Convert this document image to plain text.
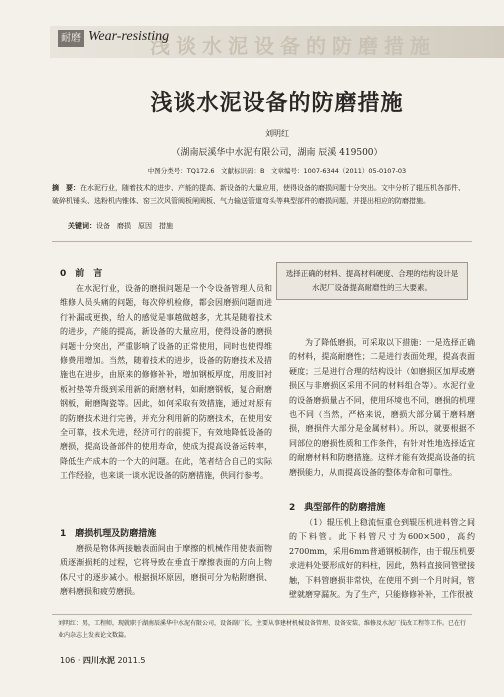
浅谈水泥设备的防磨措施
耐磨 Wear-resisting
浅谈水泥设备的防磨措施
刘明红
（湖南辰溪华中水泥有限公司，湖南 辰溪 419500）
中图分类号：TQ172.6　文献标识码：B　文章编号：1007-6344（2011）05-0107-03
摘　要：在水泥行业，随着技术的进步、产能的提高、新设备的大量应用，使得设备的磨损问题十分突出。文中分析了辊压机各部件、破碎机锤头、选粉机内锥体、窑三次风管阀板闸阀板、气力输送管道弯头等典型部件的磨损问题，并提出相应的防磨措施。
关键词：设备　磨损　原因　措施
0　前　言

在水泥行业，设备的磨损问题是一个令设备管理人员和维修人员头痛的问题，每次停机检修，都会因磨损问题而进行补漏或更换，给人的感觉是事越做越多，尤其是随着技术的进步，产能的提高，新设备的大量应用，使得设备的磨损问题十分突出，严重影响了设备的正常使用，同时也使得维修费用增加。当然，随着技术的进步，设备的防磨技术及措施也在进步，由原来的修修补补，增加钢板厚度，用废旧衬板衬垫等升级到采用新的耐磨材料，如耐磨钢板，复合耐磨钢板，耐磨陶瓷等。因此，如何采取有效措施，通过对原有的防磨技术进行完善，并充分利用新的防磨技术，在使用安全可靠，技术先进，经济可行的前提下，有效地降低设备的磨损，提高设备部件的使用寿命，使成为提高设备运转率，降低生产成本的一个大的问题。在此，笔者结合自己的实际工作经验，也来谈一谈水泥设备的防磨措施，供同行参考。

选择正确的材料、提高材料硬度、合理的结构设计是水泥厂设备提高耐磨性的三大要素。

为了降低磨损，可采取以下措施：一是选择正确的材料，提高耐磨性；二是进行表面处理，提高表面硬度；三是进行合理的结构设计（如磨损区加厚或磨损区与非磨损区采用不同的材料组合等）。水泥行业的设备磨损量占不同，使用环境也不同，磨损的机理也不同（当然，严格来说，磨损大部分属于磨料磨损，磨损件大部分是金属材料）。所以，就要根据不同部位的磨损性质和工作条件，有针对性地选择适宜的耐磨材料和防磨措施。这样才能有效提高设备的抗磨损能力，从而提高设备的整体寿命和可靠性。

1　磨损机理及防磨措施

磨损是物体两接触表面间由于摩擦的机械作用使表面物质逐渐损耗的过程，它将导致在垂直于摩擦表面的方向上物体尺寸的逐步减小。根据损坏原因，磨损可分为粘附磨损、磨料磨损和疲劳磨损。

2　典型部件的防磨措施

（1）辊压机上稳流恒重仓到辊压机进料管之间的下料管。此下料管尺寸为600×500，高约2700mm，采用6mm普通钢板制作，由于辊压机要求进料处要形成好的料柱，因此，熟料直接同管壁接触，下料管磨损非常快，在使用不到一个月时间，管壁就磨穿漏灰。为了生产，只能修修补补，工作很被

刘明红：男，工程师，现就职于湖南辰溪华中水泥有限公司，设备副厂长，主要从事建材机械设备管理、设备安装、维修及水泥厂技改工程等工作。已在行业内杂志上发表论文数篇。
106 · 四川水泥 2011.5
